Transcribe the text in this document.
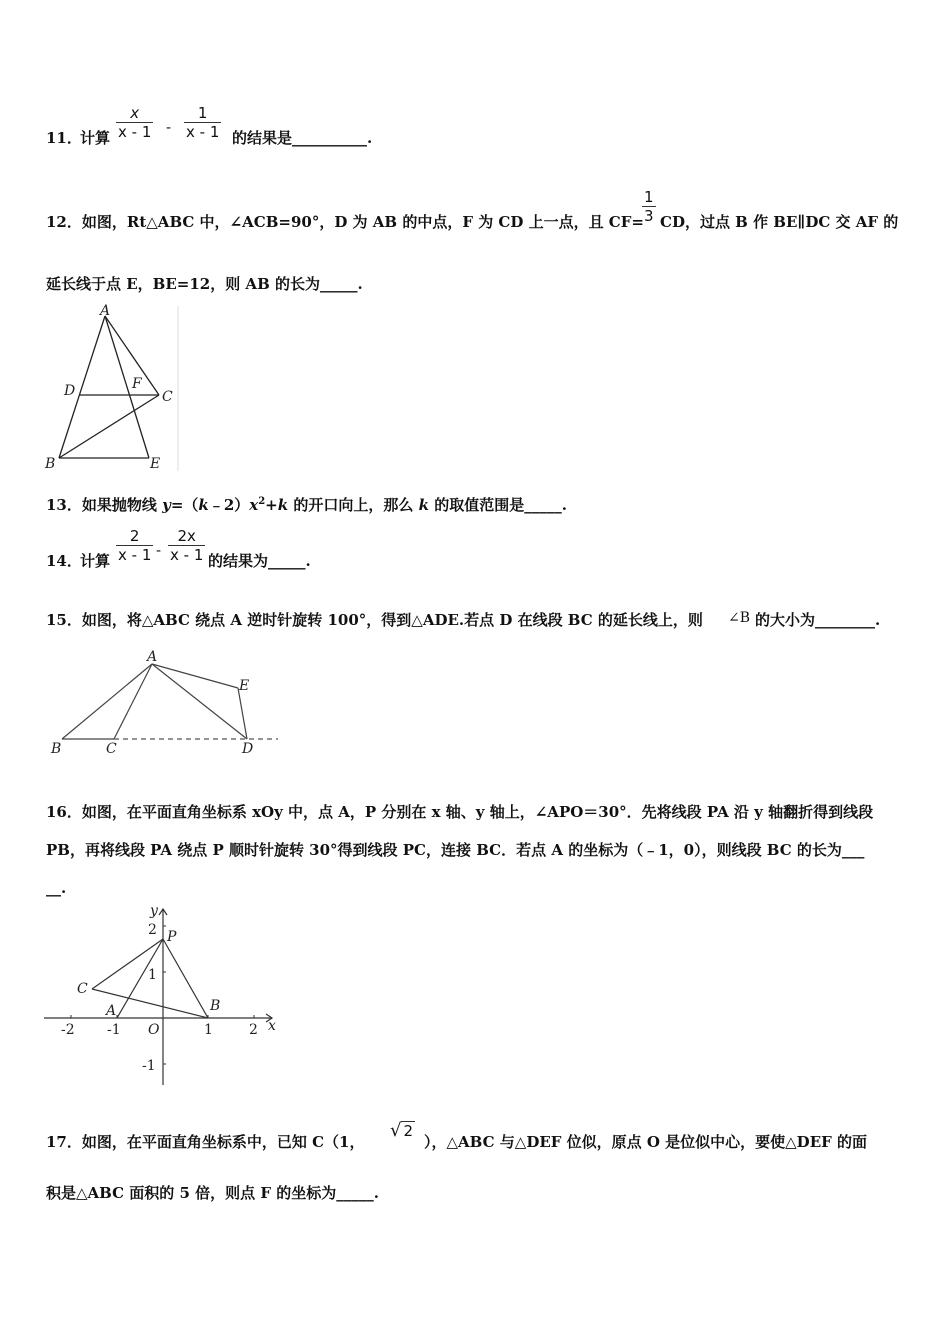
11．
计算 $\frac{x}{x - 1} - \frac{1}{x - 1}$ 的结果是__________.
12．如图，Rt△ABC 中，∠ACB=90°，D 为 AB 的中点，F 为 CD 上一点，且 CF=
$\frac{1}{3}$ CD，过点 B 作 BE∥DC 交 AF 的
延长线于点 E，BE=12，则 AB 的长为_____.
A
D	F
C
B	E
13．如果抛物线 $y=(k﹣2)x^2+k$ 的开口向上，那么 k 的取值范围是_____.
14．
计算 $\frac{2}{x - 1} - \frac{2x}{x - 1}$ 的结果为_____.
15．如图，将△ABC 绕点 A 逆时针旋转 100°，得到△ADE.若点 D 在线段 BC 的延长线上，则 ∠B 的大小为________.
A
E
B	C	D
16．如图，在平面直角坐标系 xOy 中，点 A，P 分别在 x 轴、y 轴上，∠APO＝30°．先将线段 PA 沿 y 轴翻折得到线段
PB，再将线段 PA 绕点 P 顺时针旋转 30°得到线段 PC，连接 BC．若点 A 的坐标为（﹣1，0），则线段 BC 的长为___
__.
y
x
P
C
A	B
O
2
1
-1
-2 -1	1	2
17．如图，在平面直角坐标系中，已知 C（1，
√ 2
），△ABC 与△DEF 位似，原点 O 是位似中心，要使△DEF 的面
积是△ABC 面积的 5 倍，则点 F 的坐标为_____.
